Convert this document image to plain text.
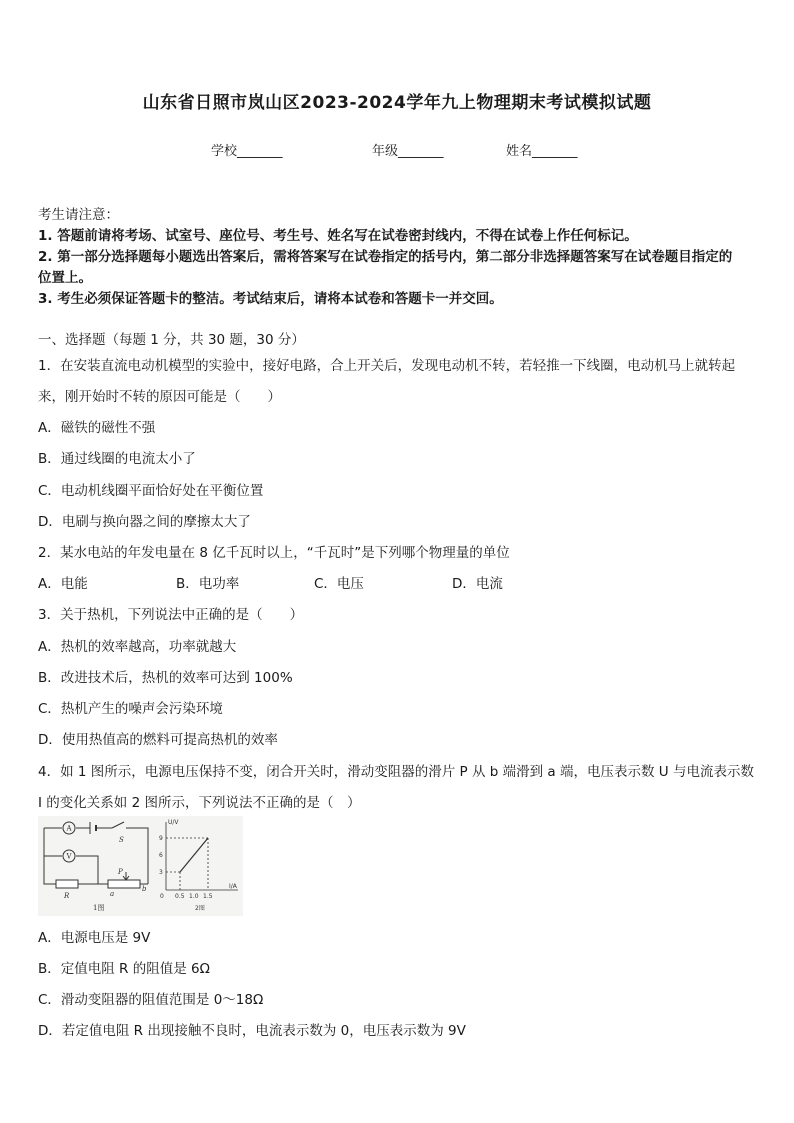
山东省日照市岚山区2023-2024学年九上物理期末考试模拟试题
学校_______	年级_______	姓名_______
考生请注意：
1. 答题前请将考场、试室号、座位号、考生号、姓名写在试卷密封线内，不得在试卷上作任何标记。
2. 第一部分选择题每小题选出答案后，需将答案写在试卷指定的括号内，第二部分非选择题答案写在试卷题目指定的
位置上。
3. 考生必须保证答题卡的整洁。考试结束后，请将本试卷和答题卡一并交回。
一、选择题（每题 1 分，共 30 题，30 分）
1．在安装直流电动机模型的实验中，接好电路，合上开关后，发现电动机不转，若轻推一下线圈，电动机马上就转起
来，刚开始时不转的原因可能是（　　）
A．磁铁的磁性不强
B．通过线圈的电流太小了
C．电动机线圈平面恰好处在平衡位置
D．电刷与换向器之间的摩擦太大了
2．某水电站的年发电量在 8 亿千瓦时以上，“千瓦时”是下列哪个物理量的单位
A．电能	B．电功率	C．电压	D．电流
3．关于热机，下列说法中正确的是（　　）
A．热机的效率越高，功率就越大
B．改进技术后，热机的效率可达到 100%
C．热机产生的噪声会污染环境
D．使用热值高的燃料可提高热机的效率
4．如 1 图所示，电源电压保持不变，闭合开关时，滑动变阻器的滑片 P 从 b 端滑到 a 端，电压表示数 U 与电流表示数
I 的变化关系如 2 图所示，下列说法不正确的是（　）
A
V
S
R
P
a
b
1图
U/V
9
6
3
0 0.5 1.0 1.5
I/A
2图
A．电源电压是 9V
B．定值电阻 R 的阻值是 6Ω
C．滑动变阻器的阻值范围是 0～18Ω
D．若定值电阻 R 出现接触不良时，电流表示数为 0，电压表示数为 9V
